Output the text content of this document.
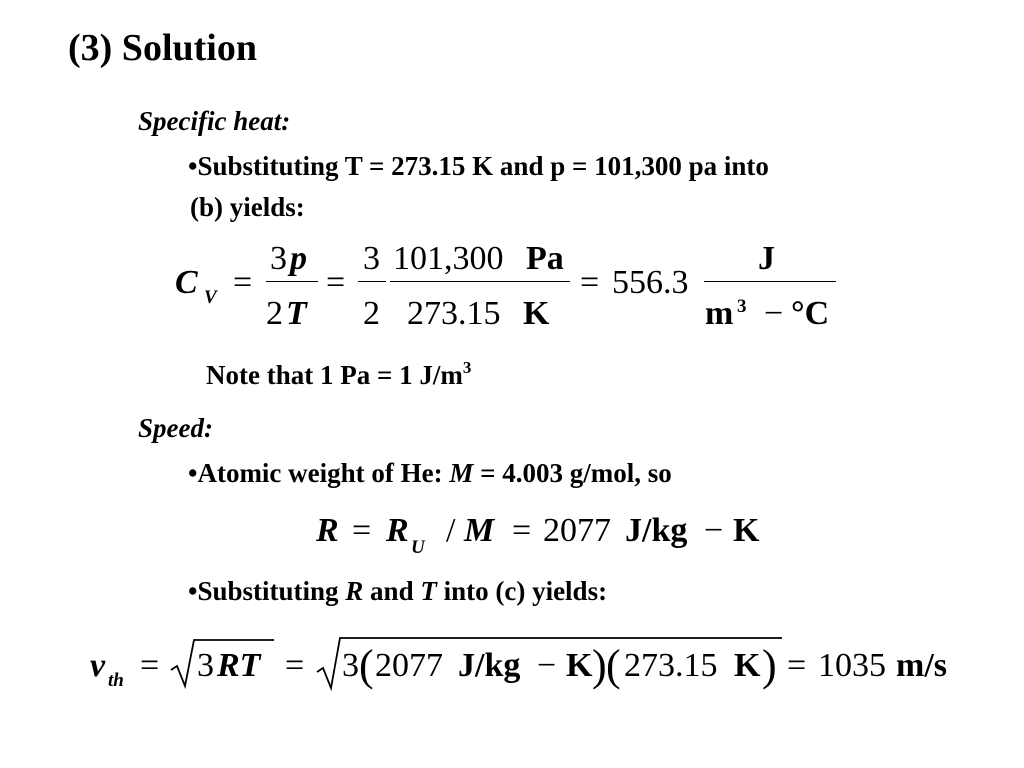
(3) Solution
Specific heat:
•Substituting T = 273.15 K and p = 101,300 pa into
(b) yields:
C V =
3 p
2 T
=
3
2
101,300 Pa
273.15 K
= 556.3
J
m 3 − °C
Note that 1 Pa = 1 $J/m^3$
Speed:
•Atomic weight of He: M = 4.003 g/mol, so
R = R U / M = 2077 J/kg − K
•Substituting R and T into (c) yields:
v th = 3 RT = 3 ( 2077 J/kg − K ) ( 273.15 K ) = 1035 m/s
